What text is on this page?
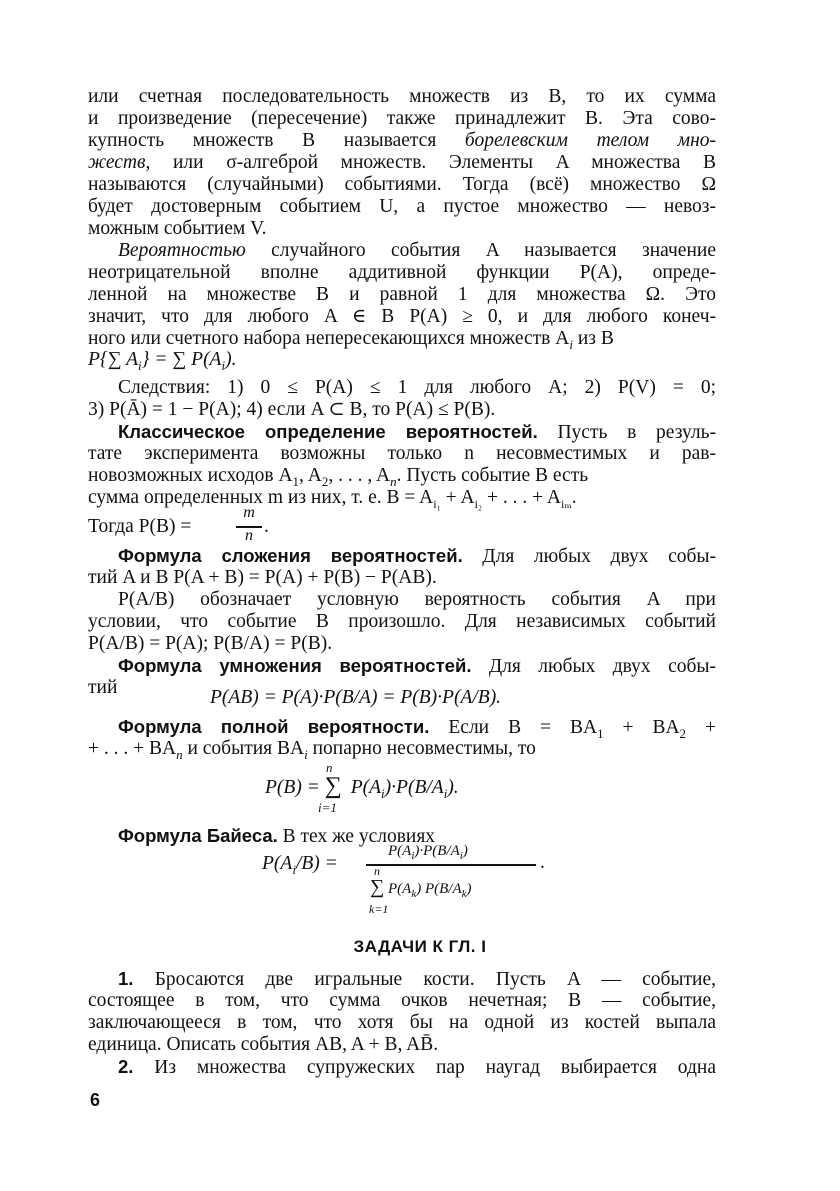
или счетная последовательность множеств из B, то их сумма
и произведение (пересечение) также принадлежит B. Эта сово-
купность множеств B называется борелевским телом мно-
жеств, или σ-алгеброй множеств. Элементы A множества B
называются (случайными) событиями. Тогда (всё) множество Ω
будет достоверным событием U, а пустое множество — невоз-
можным событием V.
Вероятностью случайного события A называется значение
неотрицательной вполне аддитивной функции P(A), опреде-
ленной на множестве B и равной 1 для множества Ω. Это
значит, что для любого A ∈ B P(A) ≥ 0, и для любого конеч-
ного или счетного набора непересекающихся множеств $A_i$ из B
P{∑ $A_i$} = ∑ $P(A_i)$.
Следствия: 1) 0 ≤ P(A) ≤ 1 для любого A; 2) P(V) = 0;
3) P(Ā) = 1 − P(A); 4) если A ⊂ B, то P(A) ≤ P(B).
Классическое определение вероятностей. Пусть в резуль-
тате эксперимента возможны только n несовместимых и рав-
новозможных исходов $A_1$, $A_2$, . . . , $A_n$. Пусть событие B есть
сумма определенных m из них, т. е. $B = A_{i_1} + A_{i_2}$ + . . . + $A_{i_m}$.
Тогда P(B) =
m
n .
Формула сложения вероятностей. Для любых двух собы-
тий A и B P(A + B) = P(A) + P(B) − P(AB).
P(A/B) обозначает условную вероятность события A при
условии, что событие B произошло. Для независимых событий
P(A/B) = P(A); P(B/A) = P(B).
Формула умножения вероятностей. Для любых двух собы-
тий	P(AB) = P(A)·P(B/A) = P(B)·P(A/B).
Формула полной вероятности. Если $B = BA_1 + BA_2$ +
+ . . . + $BA_n$ и события $BA_i$ попарно несовместимы, то
P(B) = ∑ $P(A_i)\cdot P(B/A_i)$.
n
i=1
Формула Байеса. В тех же условиях
$P(A_i/B)$ =
$P(A_i)\cdot P(B/A_i)$
.
n
∑ $P(A_k)$ $P(B/A_k)$
k=1
ЗАДАЧИ К ГЛ. I
1. Бросаются две игральные кости. Пусть A — событие,
состоящее в том, что сумма очков нечетная; B — событие,
заключающееся в том, что хотя бы на одной из костей выпала
единица. Описать события AB, A + B, AB̄.
2. Из множества супружеских пар наугад выбирается одна
6
